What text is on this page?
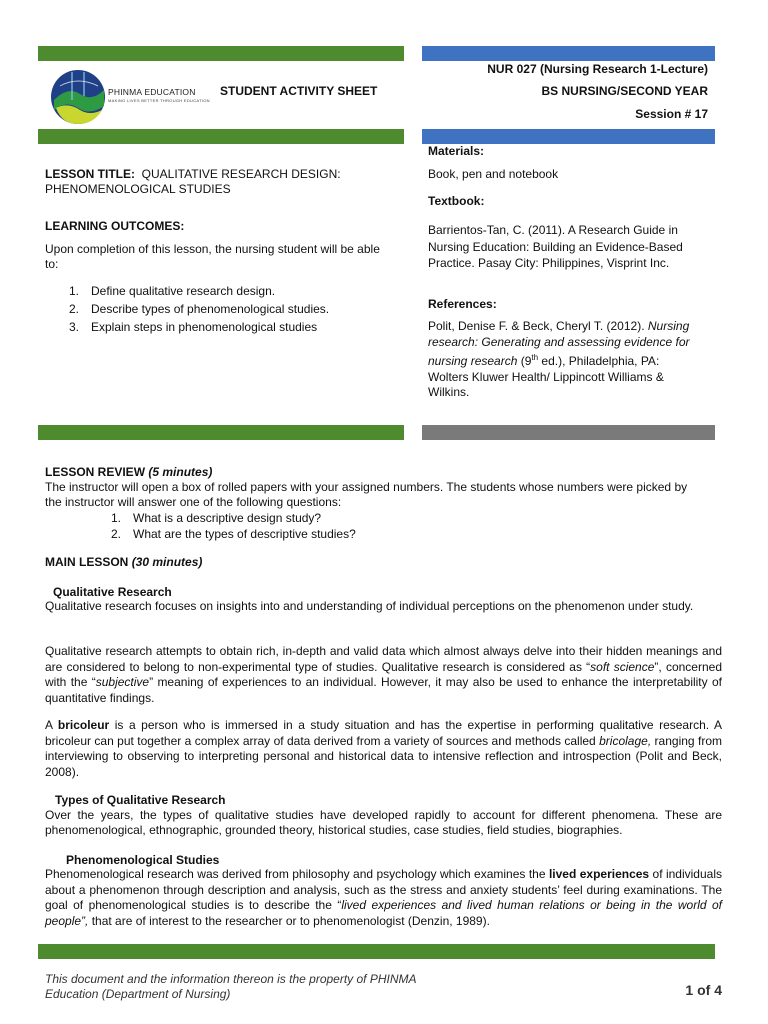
PHINMA EDUCATION
MAKING LIVES BETTER THROUGH EDUCATION
STUDENT ACTIVITY SHEET
NUR 027 (Nursing Research 1-Lecture)
BS NURSING/SECOND YEAR
Session # 17
LESSON TITLE: QUALITATIVE RESEARCH DESIGN:
PHENOMENOLOGICAL STUDIES
LEARNING OUTCOMES:
Upon completion of this lesson, the nursing student will be able
to:
1. Define qualitative research design.
2. Describe types of phenomenological studies.
3. Explain steps in phenomenological studies
Materials:
Book, pen and notebook
Textbook:
Barrientos-Tan, C. (2011). A Research Guide in
Nursing Education: Building an Evidence-Based
Practice. Pasay City: Philippines, Visprint Inc.
References:
Polit, Denise F. & Beck, Cheryl T. (2012). Nursing
research: Generating and assessing evidence for
nursing research (9th ed.), Philadelphia, PA:
Wolters Kluwer Health/ Lippincott Williams &
Wilkins.
LESSON REVIEW (5 minutes)
The instructor will open a box of rolled papers with your assigned numbers. The students whose numbers were picked by
the instructor will answer one of the following questions:
1. What is a descriptive design study?
2. What are the types of descriptive studies?
MAIN LESSON (30 minutes)
Qualitative Research

Qualitative research focuses on insights into and understanding of individual perceptions on the phenomenon under study.

Qualitative research attempts to obtain rich, in-depth and valid data which almost always delve into their hidden meanings and are considered to belong to non-experimental type of studies. Qualitative research is considered as “soft science”, concerned with the “subjective” meaning of experiences to an individual. However, it may also be used to enhance the interpretability of quantitative findings.

A bricoleur is a person who is immersed in a study situation and has the expertise in performing qualitative research. A bricoleur can put together a complex array of data derived from a variety of sources and methods called bricolage, ranging from interviewing to observing to interpreting personal and historical data to intensive reflection and introspection (Polit and Beck, 2008).

Types of Qualitative Research

Over the years, the types of qualitative studies have developed rapidly to account for different phenomena. These are phenomenological, ethnographic, grounded theory, historical studies, case studies, field studies, biographies.

Phenomenological Studies

Phenomenological research was derived from philosophy and psychology which examines the lived experiences of individuals about a phenomenon through description and analysis, such as the stress and anxiety students’ feel during examinations. The goal of phenomenological studies is to describe the “lived experiences and lived human relations or being in the world of people”, that are of interest to the researcher or to phenomenologist (Denzin, 1989).

This document and the information thereon is the property of PHINMA
Education (Department of Nursing)	1 of 4
